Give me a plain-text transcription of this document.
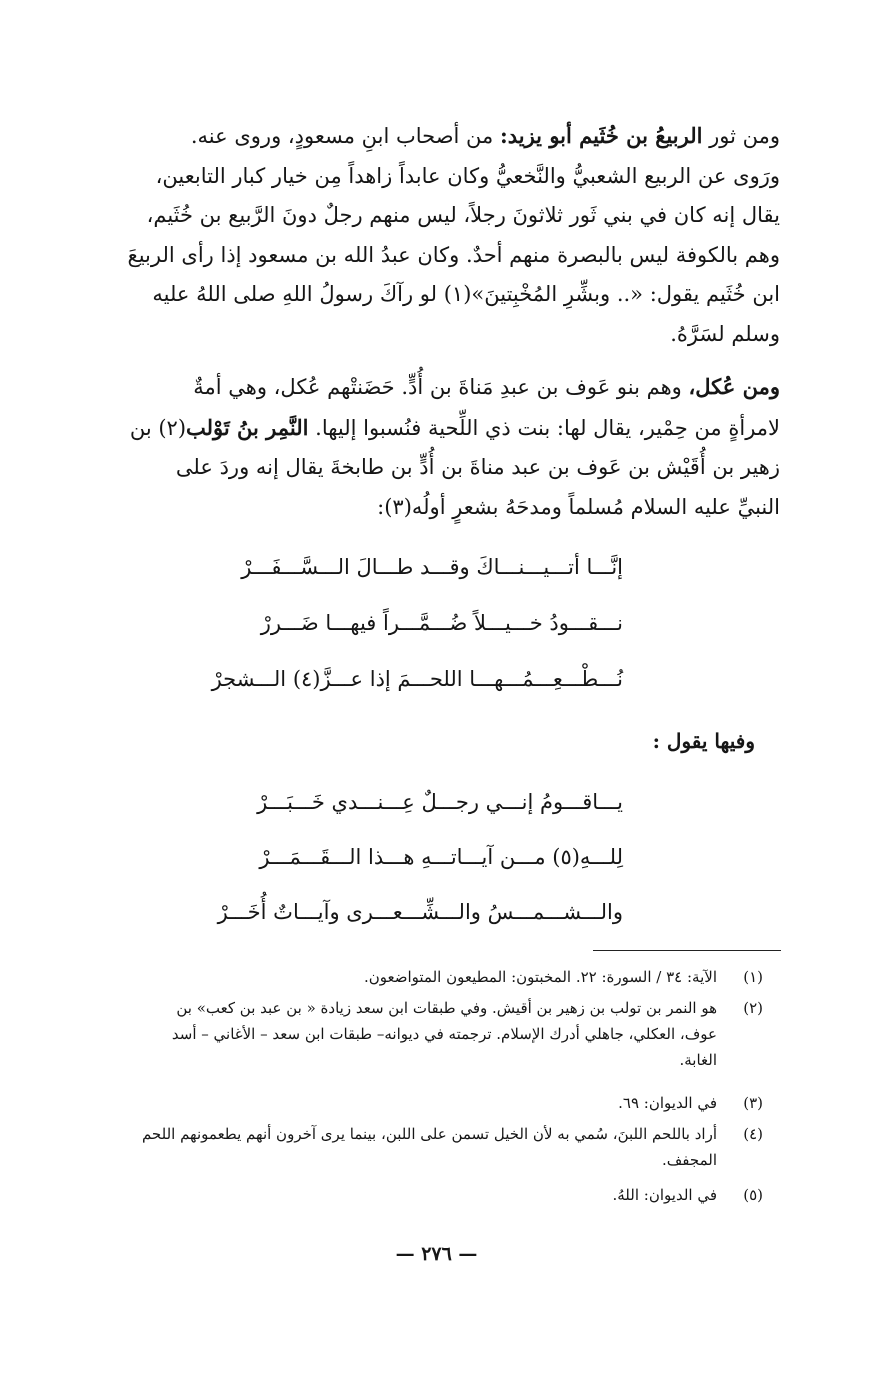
ومن ثور الربيعُ بن خُثَيم أبو يزيد: من أصحاب ابنِ مسعودٍ، وروى عنه.
ورَوى عن الربيع الشعبيُّ والنَّخعيُّ وكان عابداً زاهداً مِن خيار كبار التابعين،
يقال إنه كان في بني ثَور ثلاثونَ رجلاً، ليس منهم رجلٌ دونَ الرَّبيع بن خُثَيم،
وهم بالكوفة ليس بالبصرة منهم أحدٌ. وكان عبدُ الله بن مسعود إذا رأى الربيعَ
ابن خُثَيم يقول: «.. وبشِّرِ المُخْبِتينَ»(١) لو رآكَ رسولُ اللهِ صلى اللهُ عليه
وسلم لسَرَّهُ.
ومن عُكل، وهم بنو عَوف بن عبدِ مَناةَ بن أُدٍّ. حَضَنتْهم عُكل، وهي أمةٌ
لامرأةٍ من حِمْير، يقال لها: بنت ذي اللِّحية فنُسبوا إليها. النَّمِر بنُ تَوْلب(٢) بن
زهير بن أُقَيْش بن عَوف بن عبد مناةَ بن أُدٍّ بن طابخةَ يقال إنه وردَ على
النبيِّ عليه السلام مُسلماً ومدحَهُ بشعرٍ أولُه(٣):
إنَّـــا أتـــيـــنـــاكَ وقـــد طـــالَ الـــسَّـــفَـــرْ
نـــقـــودُ خـــيـــلاً ضُـــمَّـــراً فيهـــا ضَـــررْ
نُـــطْـــعِـــمُـــهـــا اللحـــمَ إذا عـــزَّ(٤) الـــشجرْ
وفيها يقول :
يـــاقـــومُ إنـــي رجـــلٌ عِـــنـــدي خَـــبَـــرْ
لِلـــهِ(٥) مـــن آيـــاتـــهِ هـــذا الـــقَـــمَـــرْ
والـــشـــمـــسُ والـــشِّـــعـــرى وآيـــاتٌ أُخَـــرْ
(١)
الآية: ٣٤ / السورة: ٢٢. المخبتون: المطيعون المتواضعون.
(٢)
هو النمر بن تولب بن زهير بن أقيش. وفي طبقات ابن سعد زيادة « بن عبد بن كعب» بن
عوف، العكلي، جاهلي أدرك الإسلام. ترجمته في ديوانه– طبقات ابن سعد – الأغاني – أسد
الغابة.
(٣)
في الديوان: ٦٩.
(٤)
أراد باللحم اللبنَ، سُمي به لأن الخيل تسمن على اللبن، بينما يرى آخرون أنهم يطعمونهم اللحم
المجفف.
(٥)
في الديوان: اللهُ.
— ٢٧٦ —
